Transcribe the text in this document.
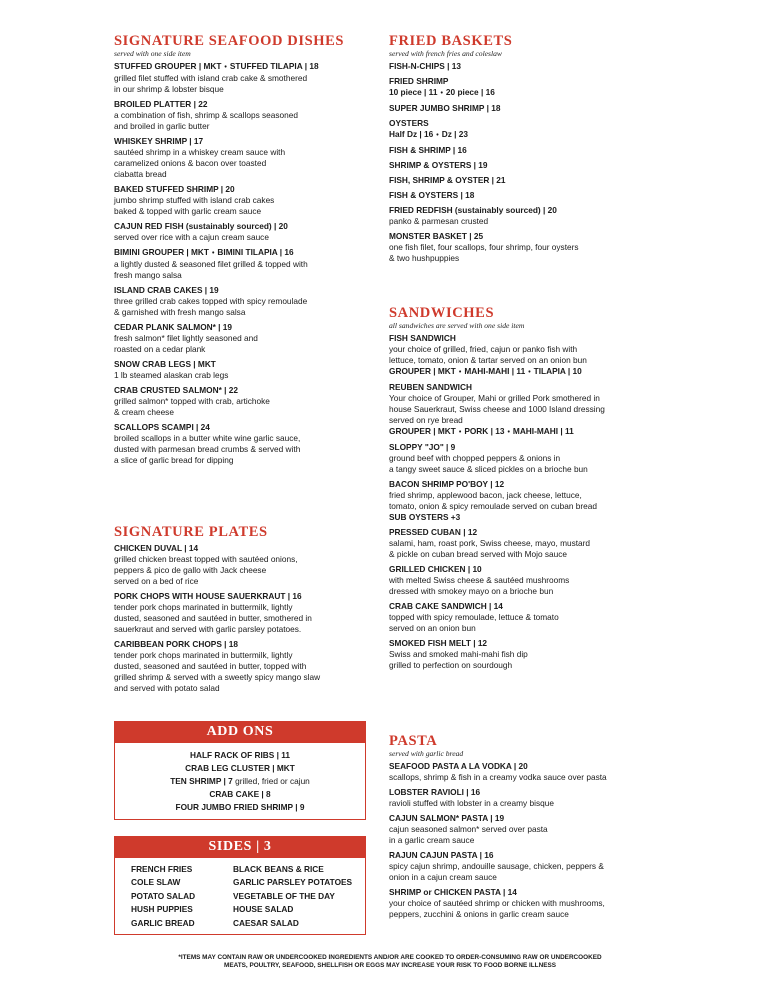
SIGNATURE SEAFOOD DISHES
served with one side item
STUFFED GROUPER | MKT • STUFFED TILAPIA | 18
grilled filet stuffed with island crab cake & smothered
in our shrimp & lobster bisque
BROILED PLATTER | 22
a combination of fish, shrimp & scallops seasoned
and broiled in garlic butter
WHISKEY SHRIMP | 17
sautéed shrimp in a whiskey cream sauce with
caramelized onions & bacon over toasted
ciabatta bread
BAKED STUFFED SHRIMP | 20
jumbo shrimp stuffed with island crab cakes
baked & topped with garlic cream sauce
CAJUN RED FISH (sustainably sourced) | 20
served over rice with a cajun cream sauce
BIMINI GROUPER | MKT • BIMINI TILAPIA | 16
a lightly dusted & seasoned filet grilled & topped with
fresh mango salsa
ISLAND CRAB CAKES | 19
three grilled crab cakes topped with spicy remoulade
& garnished with fresh mango salsa
CEDAR PLANK SALMON* | 19
fresh salmon* filet lightly seasoned and
roasted on a cedar plank
SNOW CRAB LEGS | MKT
1 lb steamed alaskan crab legs
CRAB CRUSTED SALMON* | 22
grilled salmon* topped with crab, artichoke
& cream cheese
SCALLOPS SCAMPI | 24
broiled scallops in a butter white wine garlic sauce,
dusted with parmesan bread crumbs & served with
a slice of garlic bread for dipping
SIGNATURE PLATES
CHICKEN DUVAL | 14
grilled chicken breast topped with sautéed onions,
peppers & pico de gallo with Jack cheese
served on a bed of rice
PORK CHOPS WITH HOUSE SAUERKRAUT | 16
tender pork chops marinated in buttermilk, lightly
dusted, seasoned and sautéed in butter, smothered in
sauerkraut and served with garlic parsley potatoes.
CARIBBEAN PORK CHOPS | 18
tender pork chops marinated in buttermilk, lightly
dusted, seasoned and sautéed in butter, topped with
grilled shrimp & served with a sweetly spicy mango slaw
and served with potato salad
ADD ONS
HALF RACK OF RIBS | 11
CRAB LEG CLUSTER | MKT
TEN SHRIMP | 7 grilled, fried or cajun
CRAB CAKE | 8
FOUR JUMBO FRIED SHRIMP | 9
SIDES | 3
FRENCH FRIES
COLE SLAW
POTATO SALAD
HUSH PUPPIES
GARLIC BREAD
BLACK BEANS & RICE
GARLIC PARSLEY POTATOES
VEGETABLE OF THE DAY
HOUSE SALAD
CAESAR SALAD
FRIED BASKETS
served with french fries and coleslaw
FISH-N-CHIPS | 13
FRIED SHRIMP
10 piece | 11 • 20 piece | 16
SUPER JUMBO SHRIMP | 18
OYSTERS
Half Dz | 16 • Dz | 23
FISH & SHRIMP | 16
SHRIMP & OYSTERS | 19
FISH, SHRIMP & OYSTER | 21
FISH & OYSTERS | 18
FRIED REDFISH (sustainably sourced) | 20
panko & parmesan crusted
MONSTER BASKET | 25
one fish filet, four scallops, four shrimp, four oysters
& two hushpuppies
SANDWICHES
all sandwiches are served with one side item
FISH SANDWICH
your choice of grilled, fried, cajun or panko fish with
lettuce, tomato, onion & tartar served on an onion bun
GROUPER | MKT • MAHI-MAHI | 11 • TILAPIA | 10
REUBEN SANDWICH
Your choice of Grouper, Mahi or grilled Pork smothered in
house Sauerkraut, Swiss cheese and 1000 Island dressing
served on rye bread
GROUPER | MKT • PORK | 13 • MAHI-MAHI | 11
SLOPPY "JO" | 9
ground beef with chopped peppers & onions in
a tangy sweet sauce & sliced pickles on a brioche bun
BACON SHRIMP PO'BOY | 12
fried shrimp, applewood bacon, jack cheese, lettuce,
tomato, onion & spicy remoulade served on cuban bread
SUB OYSTERS +3
PRESSED CUBAN | 12
salami, ham, roast pork, Swiss cheese, mayo, mustard
& pickle on cuban bread served with Mojo sauce
GRILLED CHICKEN | 10
with melted Swiss cheese & sautéed mushrooms
dressed with smokey mayo on a brioche bun
CRAB CAKE SANDWICH | 14
topped with spicy remoulade, lettuce & tomato
served on an onion bun
SMOKED FISH MELT | 12
Swiss and smoked mahi-mahi fish dip
grilled to perfection on sourdough
PASTA
served with garlic bread
SEAFOOD PASTA A LA VODKA | 20
scallops, shrimp & fish in a creamy vodka sauce over pasta
LOBSTER RAVIOLI | 16
ravioli stuffed with lobster in a creamy bisque
CAJUN SALMON* PASTA | 19
cajun seasoned salmon* served over pasta
in a garlic cream sauce
RAJUN CAJUN PASTA | 16
spicy cajun shrimp, andouille sausage, chicken, peppers &
onion in a cajun cream sauce
SHRIMP or CHICKEN PASTA | 14
your choice of sautéed shrimp or chicken with mushrooms,
peppers, zucchini & onions in garlic cream sauce
*ITEMS MAY CONTAIN RAW OR UNDERCOOKED INGREDIENTS AND/OR ARE COOKED TO ORDER-CONSUMING RAW OR UNDERCOOKED
MEATS, POULTRY, SEAFOOD, SHELLFISH OR EGGS MAY INCREASE YOUR RISK TO FOOD BORNE ILLNESS
